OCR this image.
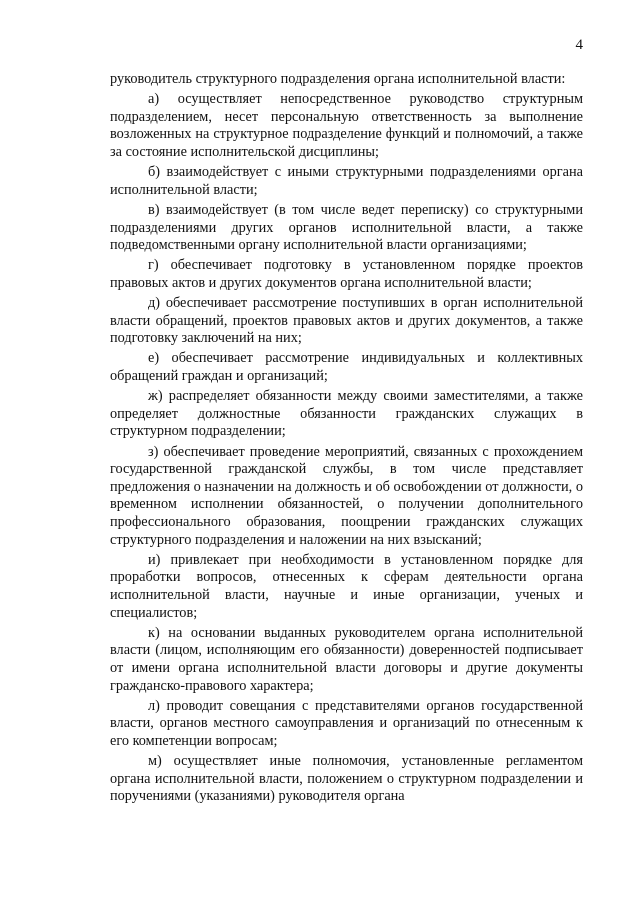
4

руководитель структурного подразделения органа исполнительной власти:

а) осуществляет непосредственное руководство структурным подразделением, несет персональную ответственность за выполнение возложенных на структурное подразделение функций и полномочий, а также за состояние исполнительской дисциплины;

б) взаимодействует с иными структурными подразделениями органа исполнительной власти;

в) взаимодействует (в том числе ведет переписку) со структурными подразделениями других органов исполнительной власти, а также подведомственными органу исполнительной власти организациями;

г) обеспечивает подготовку в установленном порядке проектов правовых актов и других документов органа исполнительной власти;

д) обеспечивает рассмотрение поступивших в орган исполнительной власти обращений, проектов правовых актов и других документов, а также подготовку заключений на них;

е) обеспечивает рассмотрение индивидуальных и коллективных обращений граждан и организаций;

ж) распределяет обязанности между своими заместителями, а также определяет должностные обязанности гражданских служащих в структурном подразделении;

з) обеспечивает проведение мероприятий, связанных с прохождением государственной гражданской службы, в том числе представляет предложения о назначении на должность и об освобождении от должности, о временном исполнении обязанностей, о получении дополнительного профессионального образования, поощрении гражданских служащих структурного подразделения и наложении на них взысканий;

и) привлекает при необходимости в установленном порядке для проработки вопросов, отнесенных к сферам деятельности органа исполнительной власти, научные и иные организации, ученых и специалистов;

к) на основании выданных руководителем органа исполнительной власти (лицом, исполняющим его обязанности) доверенностей подписывает от имени органа исполнительной власти договоры и другие документы гражданско-правового характера;

л) проводит совещания с представителями органов государственной власти, органов местного самоуправления и организаций по отнесенным к его компетенции вопросам;

м) осуществляет иные полномочия, установленные регламентом органа исполнительной власти, положением о структурном подразделении и поручениями (указаниями) руководителя органа
